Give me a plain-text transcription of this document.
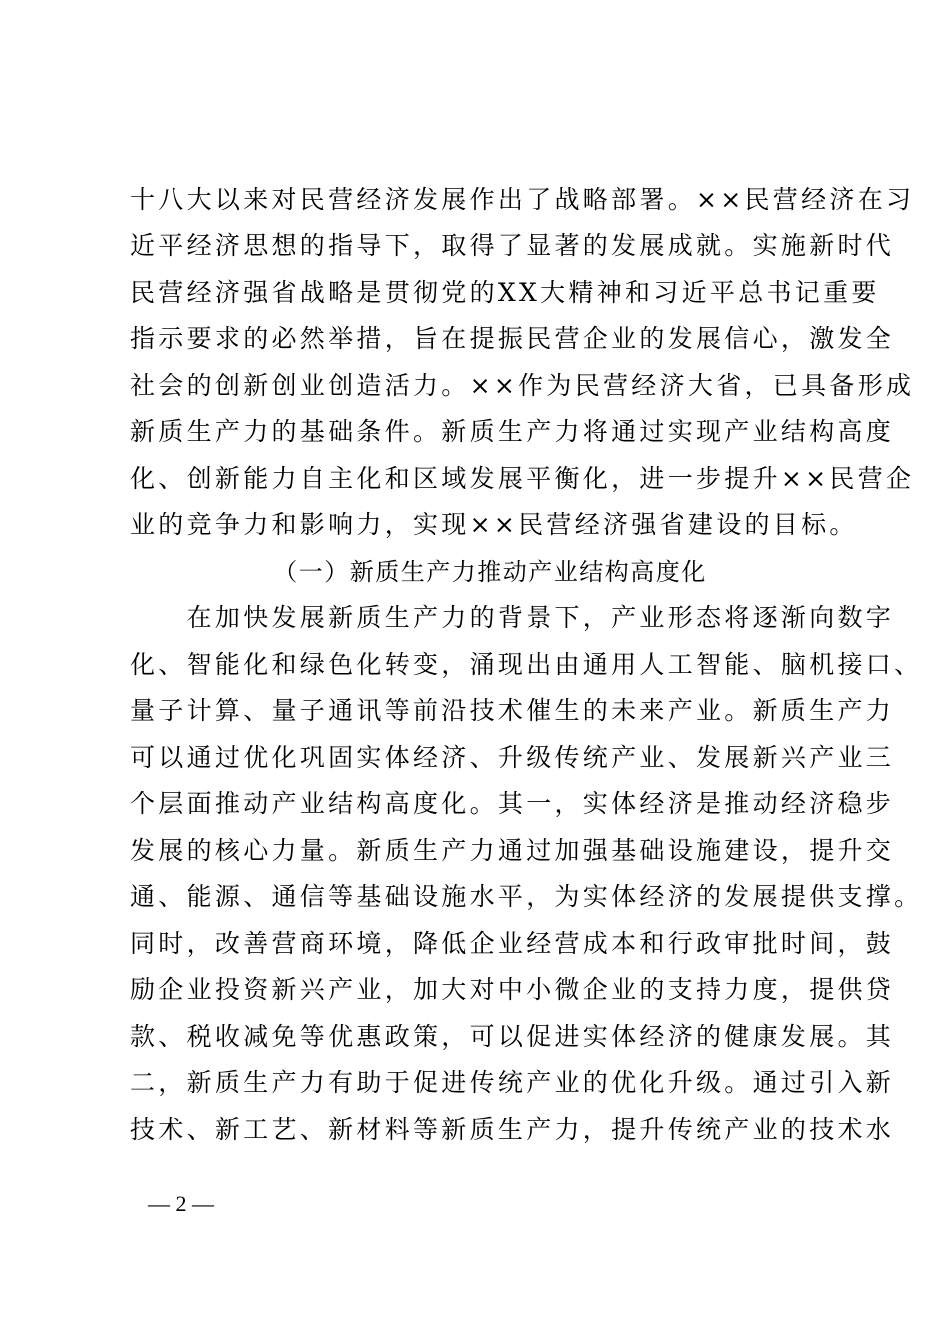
十八大以来对民营经济发展作出了战略部署。××民营经济在习
近平经济思想的指导下，取得了显著的发展成就。实施新时代
民营经济强省战略是贯彻党的XX大精神和习近平总书记重要
指示要求的必然举措，旨在提振民营企业的发展信心，激发全
社会的创新创业创造活力。××作为民营经济大省，已具备形成
新质生产力的基础条件。新质生产力将通过实现产业结构高度
化、创新能力自主化和区域发展平衡化，进一步提升××民营企
业的竞争力和影响力，实现××民营经济强省建设的目标。
（一）新质生产力推动产业结构高度化
　　在加快发展新质生产力的背景下，产业形态将逐渐向数字
化、智能化和绿色化转变，涌现出由通用人工智能、脑机接口、
量子计算、量子通讯等前沿技术催生的未来产业。新质生产力
可以通过优化巩固实体经济、升级传统产业、发展新兴产业三
个层面推动产业结构高度化。其一，实体经济是推动经济稳步
发展的核心力量。新质生产力通过加强基础设施建设，提升交
通、能源、通信等基础设施水平，为实体经济的发展提供支撑。
同时，改善营商环境，降低企业经营成本和行政审批时间，鼓
励企业投资新兴产业，加大对中小微企业的支持力度，提供贷
款、税收减免等优惠政策，可以促进实体经济的健康发展。其
二，新质生产力有助于促进传统产业的优化升级。通过引入新
技术、新工艺、新材料等新质生产力，提升传统产业的技术水
— 2 —
